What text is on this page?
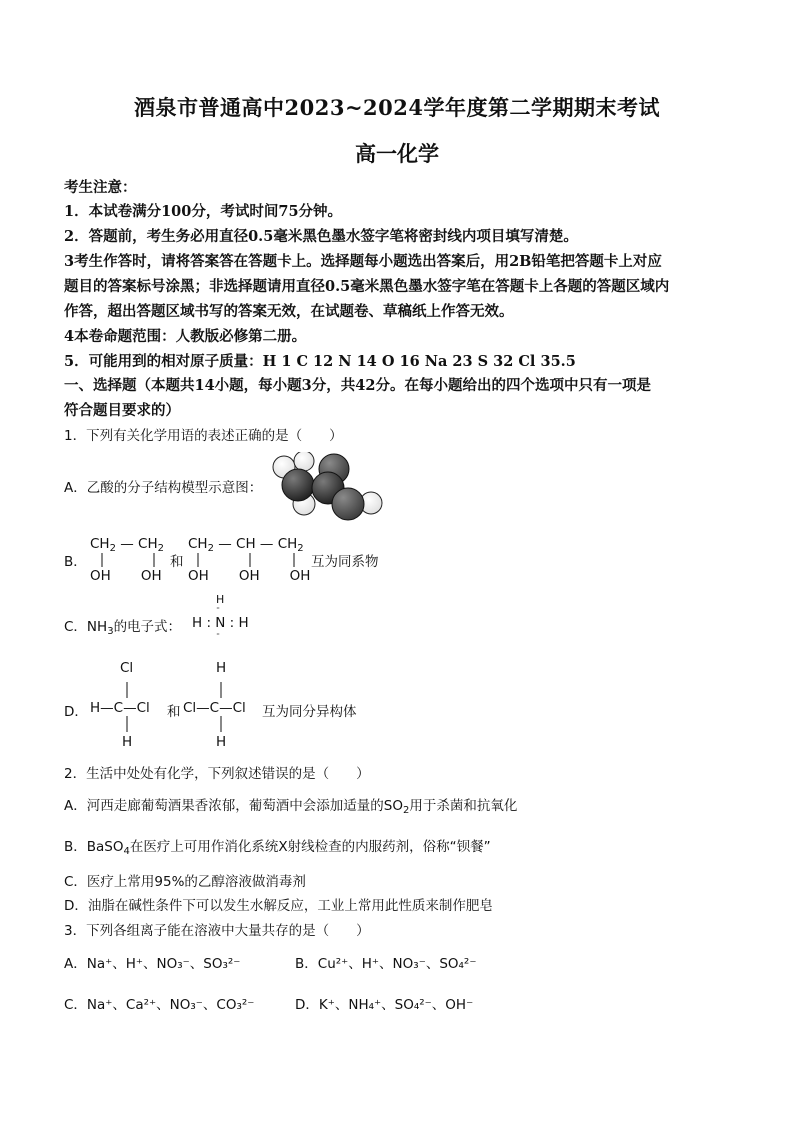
酒泉市普通高中2023~2024学年度第二学期期末考试
高一化学
考生注意：
1．本试卷满分100分，考试时间75分钟。
2．答题前，考生务必用直径0.5毫米黑色墨水签字笔将密封线内项目填写清楚。
3考生作答时，请将答案答在答题卡上。选择题每小题选出答案后，用2B铅笔把答题卡上对应
题目的答案标号涂黑；非选择题请用直径0.5毫米黑色墨水签字笔在答题卡上各题的答题区域内
作答，超出答题区域书写的答案无效，在试题卷、草稿纸上作答无效。
4本卷命题范围：人教版必修第二册。
5．可能用到的相对原子质量：H 1 C 12 N 14 O 16 Na 23 S 32 Cl 35.5
一、选择题（本题共14小题，每小题3分，共42分。在每小题给出的四个选项中只有一项是
符合题目要求的）
1．下列有关化学用语的表述正确的是（　　）
A．乙酸的分子结构模型示意图：
B．
$CH_2$ — $CH_2$
OH       OH
和
$CH_2$ — CH — $CH_2$
OH       OH       OH
互为同系物
C．$NH_3$的电子式：
H
··
H : N : H
··
Cl	H
D． H—C—Cl 和 Cl—C—Cl 互为同分异构体
H	H
2．生活中处处有化学，下列叙述错误的是（　　）
A．河西走廊葡萄酒果香浓郁，葡萄酒中会添加适量的$SO_2$用于杀菌和抗氧化
B．BaSO$_4$在医疗上可用作消化系统X射线检查的内服药剂，俗称“钡餐”
C．医疗上常用95%的乙醇溶液做消毒剂
D．油脂在碱性条件下可以发生水解反应，工业上常用此性质来制作肥皂
3．下列各组离子能在溶液中大量共存的是（　　）
A．Na⁺、H⁺、NO₃⁻、SO₃²⁻	B．Cu²⁺、H⁺、NO₃⁻、SO₄²⁻
C．Na⁺、Ca²⁺、NO₃⁻、CO₃²⁻	D．K⁺、NH₄⁺、SO₄²⁻、OH⁻
